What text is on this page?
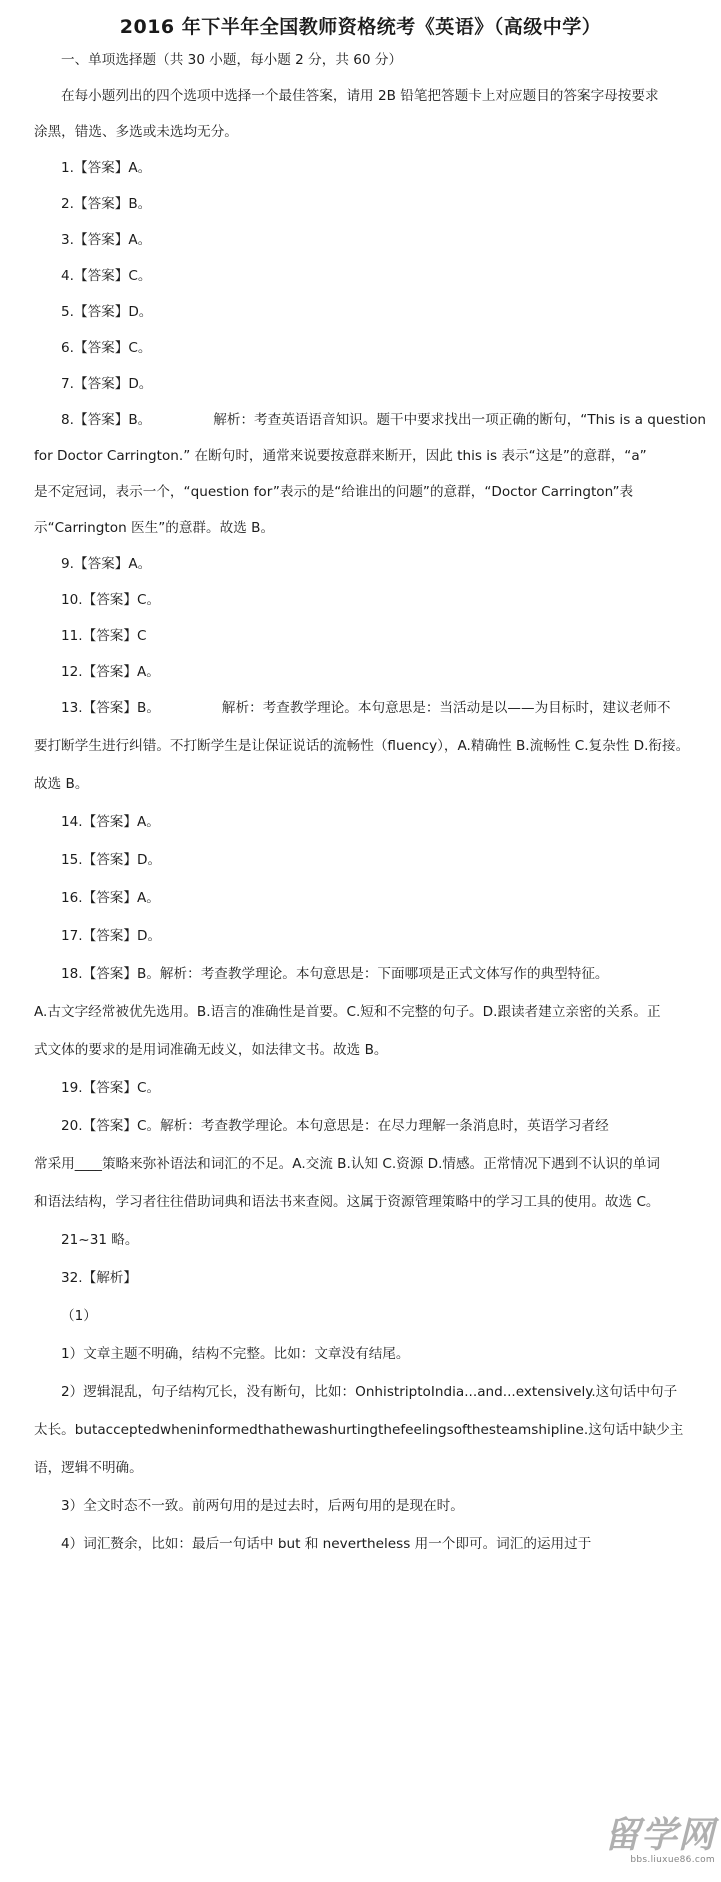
2016 年下半年全国教师资格统考《英语》（高级中学）
一、单项选择题（共 30 小题，每小题 2 分，共 60 分）
在每小题列出的四个选项中选择一个最佳答案，请用 2B 铅笔把答题卡上对应题目的答案字母按要求
涂黑，错选、多选或未选均无分。
1.【答案】A。
2.【答案】B。
3.【答案】A。
4.【答案】C。
5.【答案】D。
6.【答案】C。
7.【答案】D。
8.【答案】B。	解析：考查英语语音知识。题干中要求找出一项正确的断句，“This is a question
for Doctor Carrington.” 在断句时，通常来说要按意群来断开，因此 this is 表示“这是”的意群，“a”
是不定冠词，表示一个，“question for”表示的是“给谁出的问题”的意群，“Doctor Carrington”表
示“Carrington 医生”的意群。故选 B。
9.【答案】A。
10.【答案】C。
11.【答案】C
12.【答案】A。
13.【答案】B。	解析：考查教学理论。本句意思是：当活动是以——为目标时，建议老师不
要打断学生进行纠错。不打断学生是让保证说话的流畅性（fluency），A.精确性 B.流畅性 C.复杂性 D.衔接。
故选 B。
14.【答案】A。
15.【答案】D。
16.【答案】A。
17.【答案】D。
18.【答案】B。解析：考查教学理论。本句意思是：下面哪项是正式文体写作的典型特征。
A.古文字经常被优先选用。B.语言的准确性是首要。C.短和不完整的句子。D.跟读者建立亲密的关系。正
式文体的要求的是用词准确无歧义，如法律文书。故选 B。
19.【答案】C。
20.【答案】C。解析：考查教学理论。本句意思是：在尽力理解一条消息时，英语学习者经
常采用____策略来弥补语法和词汇的不足。A.交流 B.认知 C.资源 D.情感。正常情况下遇到不认识的单词
和语法结构，学习者往往借助词典和语法书来查阅。这属于资源管理策略中的学习工具的使用。故选 C。
21~31 略。
32.【解析】
（1）
1）文章主题不明确，结构不完整。比如：文章没有结尾。
2）逻辑混乱，句子结构冗长，没有断句，比如：OnhistriptoIndia...and...extensively.这句话中句子
太长。butacceptedwheninformedthathewashurtingthefeelingsofthesteamshipline.这句话中缺少主
语，逻辑不明确。
3）全文时态不一致。前两句用的是过去时，后两句用的是现在时。
4）词汇赘余，比如：最后一句话中 but 和 nevertheless 用一个即可。词汇的运用过于
留学网
bbs.liuxue86.com
